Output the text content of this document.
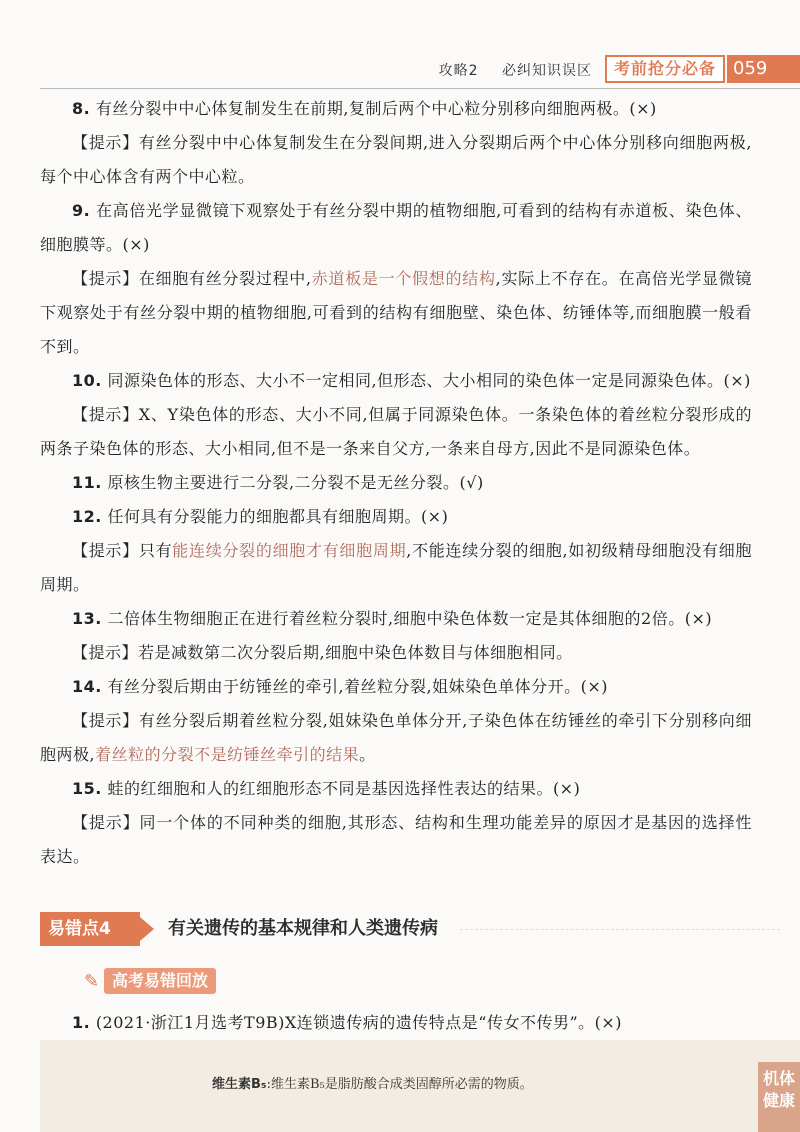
攻略2 必纠知识误区	考前抢分必备 059

8. 有丝分裂中中心体复制发生在前期,复制后两个中心粒分别移向细胞两极。(×)

【提示】有丝分裂中中心体复制发生在分裂间期,进入分裂期后两个中心体分别移向细胞两极,每个中心体含有两个中心粒。

9. 在高倍光学显微镜下观察处于有丝分裂中期的植物细胞,可看到的结构有赤道板、染色体、细胞膜等。(×)

【提示】在细胞有丝分裂过程中,赤道板是一个假想的结构,实际上不存在。在高倍光学显微镜下观察处于有丝分裂中期的植物细胞,可看到的结构有细胞壁、染色体、纺锤体等,而细胞膜一般看不到。

10. 同源染色体的形态、大小不一定相同,但形态、大小相同的染色体一定是同源染色体。(×)

【提示】X、Y染色体的形态、大小不同,但属于同源染色体。一条染色体的着丝粒分裂形成的两条子染色体的形态、大小相同,但不是一条来自父方,一条来自母方,因此不是同源染色体。

11. 原核生物主要进行二分裂,二分裂不是无丝分裂。(√)

12. 任何具有分裂能力的细胞都具有细胞周期。(×)

【提示】只有能连续分裂的细胞才有细胞周期,不能连续分裂的细胞,如初级精母细胞没有细胞周期。

13. 二倍体生物细胞正在进行着丝粒分裂时,细胞中染色体数一定是其体细胞的2倍。(×)

【提示】若是减数第二次分裂后期,细胞中染色体数目与体细胞相同。

14. 有丝分裂后期由于纺锤丝的牵引,着丝粒分裂,姐妹染色单体分开。(×)

【提示】有丝分裂后期着丝粒分裂,姐妹染色单体分开,子染色体在纺锤丝的牵引下分别移向细胞两极,着丝粒的分裂不是纺锤丝牵引的结果。

15. 蛙的红细胞和人的红细胞形态不同是基因选择性表达的结果。(×)

【提示】同一个体的不同种类的细胞,其形态、结构和生理功能差异的原因才是基因的选择性表达。

易错点4	有关遗传的基本规律和人类遗传病
✎ 高考易错回放

1. (2021·浙江1月选考T9B)X连锁遗传病的遗传特点是“传女不传男”。(×)

维生素B₅:维生素B₅是脂肪酸合成类固醇所必需的物质。	机体健康
